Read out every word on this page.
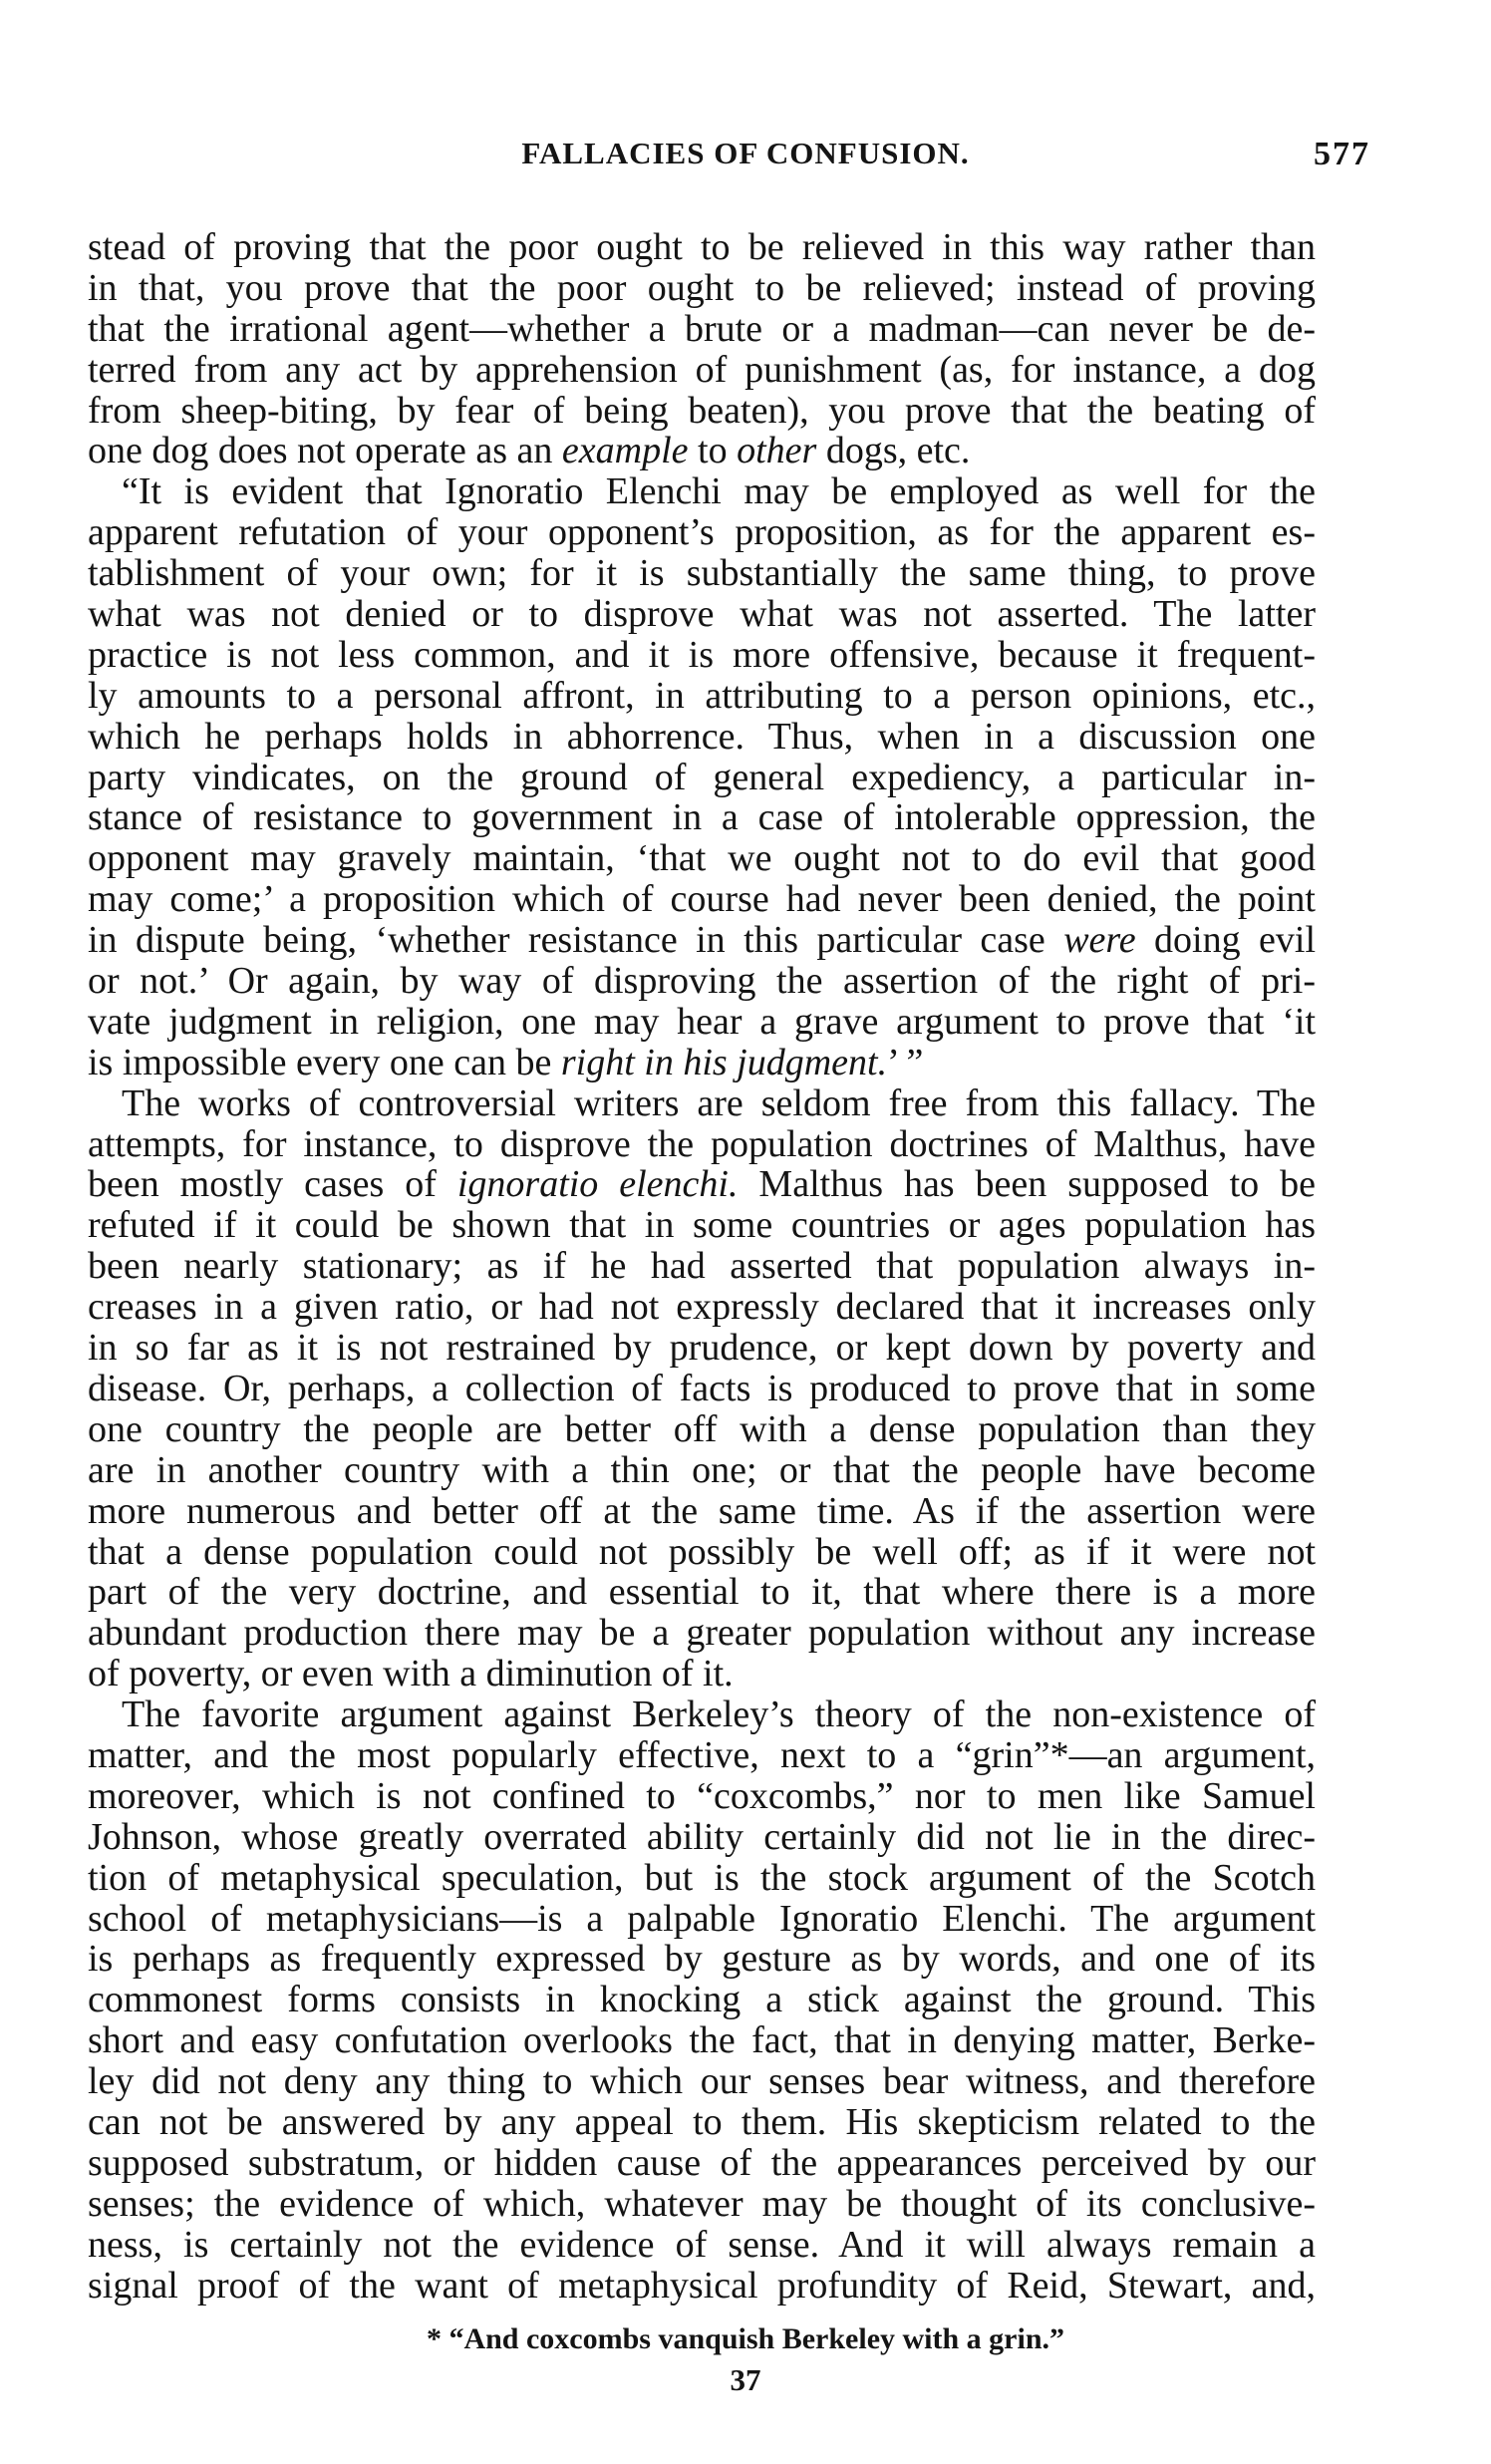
FALLACIES OF CONFUSION.	577
stead of proving that the poor ought to be relieved in this way rather than
in that, you prove that the poor ought to be relieved; instead of proving
that the irrational agent—whether a brute or a madman—can never be de-
terred from any act by apprehension of punishment (as, for instance, a dog
from sheep-biting, by fear of being beaten), you prove that the beating of
one dog does not operate as an example to other dogs, etc.
“It is evident that Ignoratio Elenchi may be employed as well for the
apparent refutation of your opponent’s proposition, as for the apparent es-
tablishment of your own; for it is substantially the same thing, to prove
what was not denied or to disprove what was not asserted. The latter
practice is not less common, and it is more offensive, because it frequent-
ly amounts to a personal affront, in attributing to a person opinions, etc.,
which he perhaps holds in abhorrence. Thus, when in a discussion one
party vindicates, on the ground of general expediency, a particular in-
stance of resistance to government in a case of intolerable oppression, the
opponent may gravely maintain, ‘that we ought not to do evil that good
may come;’ a proposition which of course had never been denied, the point
in dispute being, ‘whether resistance in this particular case were doing evil
or not.’ Or again, by way of disproving the assertion of the right of pri-
vate judgment in religion, one may hear a grave argument to prove that ‘it
is impossible every one can be right in his judgment.’ ”
The works of controversial writers are seldom free from this fallacy. The
attempts, for instance, to disprove the population doctrines of Malthus, have
been mostly cases of ignoratio elenchi. Malthus has been supposed to be
refuted if it could be shown that in some countries or ages population has
been nearly stationary; as if he had asserted that population always in-
creases in a given ratio, or had not expressly declared that it increases only
in so far as it is not restrained by prudence, or kept down by poverty and
disease. Or, perhaps, a collection of facts is produced to prove that in some
one country the people are better off with a dense population than they
are in another country with a thin one; or that the people have become
more numerous and better off at the same time. As if the assertion were
that a dense population could not possibly be well off; as if it were not
part of the very doctrine, and essential to it, that where there is a more
abundant production there may be a greater population without any increase
of poverty, or even with a diminution of it.
The favorite argument against Berkeley’s theory of the non-existence of
matter, and the most popularly effective, next to a “grin”*—an argument,
moreover, which is not confined to “coxcombs,” nor to men like Samuel
Johnson, whose greatly overrated ability certainly did not lie in the direc-
tion of metaphysical speculation, but is the stock argument of the Scotch
school of metaphysicians—is a palpable Ignoratio Elenchi. The argument
is perhaps as frequently expressed by gesture as by words, and one of its
commonest forms consists in knocking a stick against the ground. This
short and easy confutation overlooks the fact, that in denying matter, Berke-
ley did not deny any thing to which our senses bear witness, and therefore
can not be answered by any appeal to them. His skepticism related to the
supposed substratum, or hidden cause of the appearances perceived by our
senses; the evidence of which, whatever may be thought of its conclusive-
ness, is certainly not the evidence of sense. And it will always remain a
signal proof of the want of metaphysical profundity of Reid, Stewart, and,
* “And coxcombs vanquish Berkeley with a grin.”
37
